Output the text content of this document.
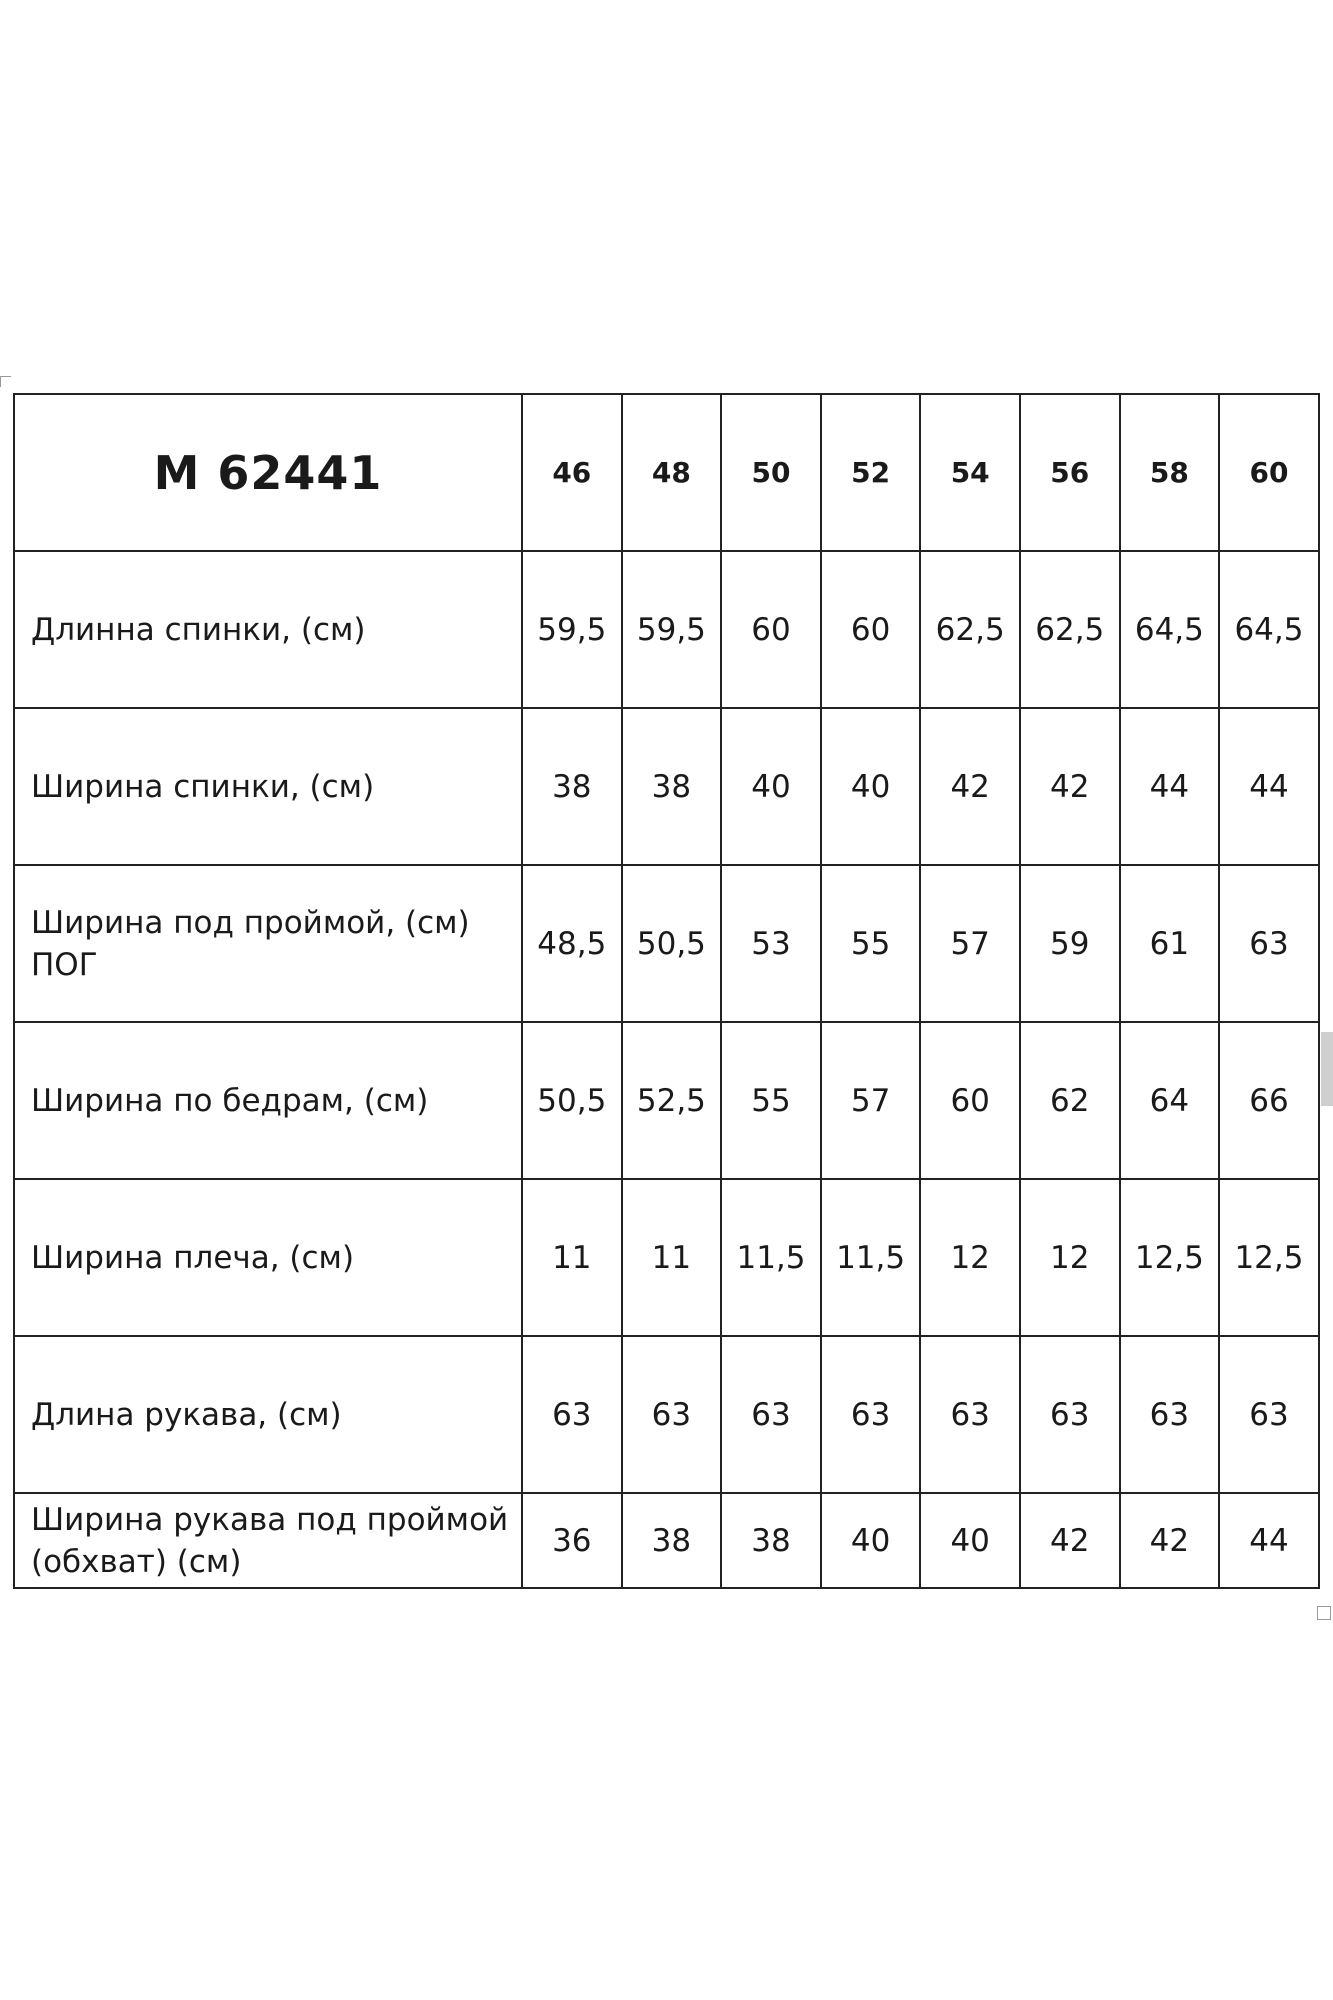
M 62441	46	48	50	52	54	56	58	60
Длинна спинки, (см)	59,5	59,5	60	60	62,5	62,5	64,5	64,5
Ширина спинки, (см)	38	38	40	40	42	42	44	44
Ширина под проймой, (см) ПОГ	48,5	50,5	53	55	57	59	61	63
Ширина по бедрам, (см)	50,5	52,5	55	57	60	62	64	66
Ширина плеча, (см)	11	11	11,5	11,5	12	12	12,5	12,5
Длина рукава, (см)	63	63	63	63	63	63	63	63
Ширина рукава под проймой (обхват) (см)	36	38	38	40	40	42	42	44
